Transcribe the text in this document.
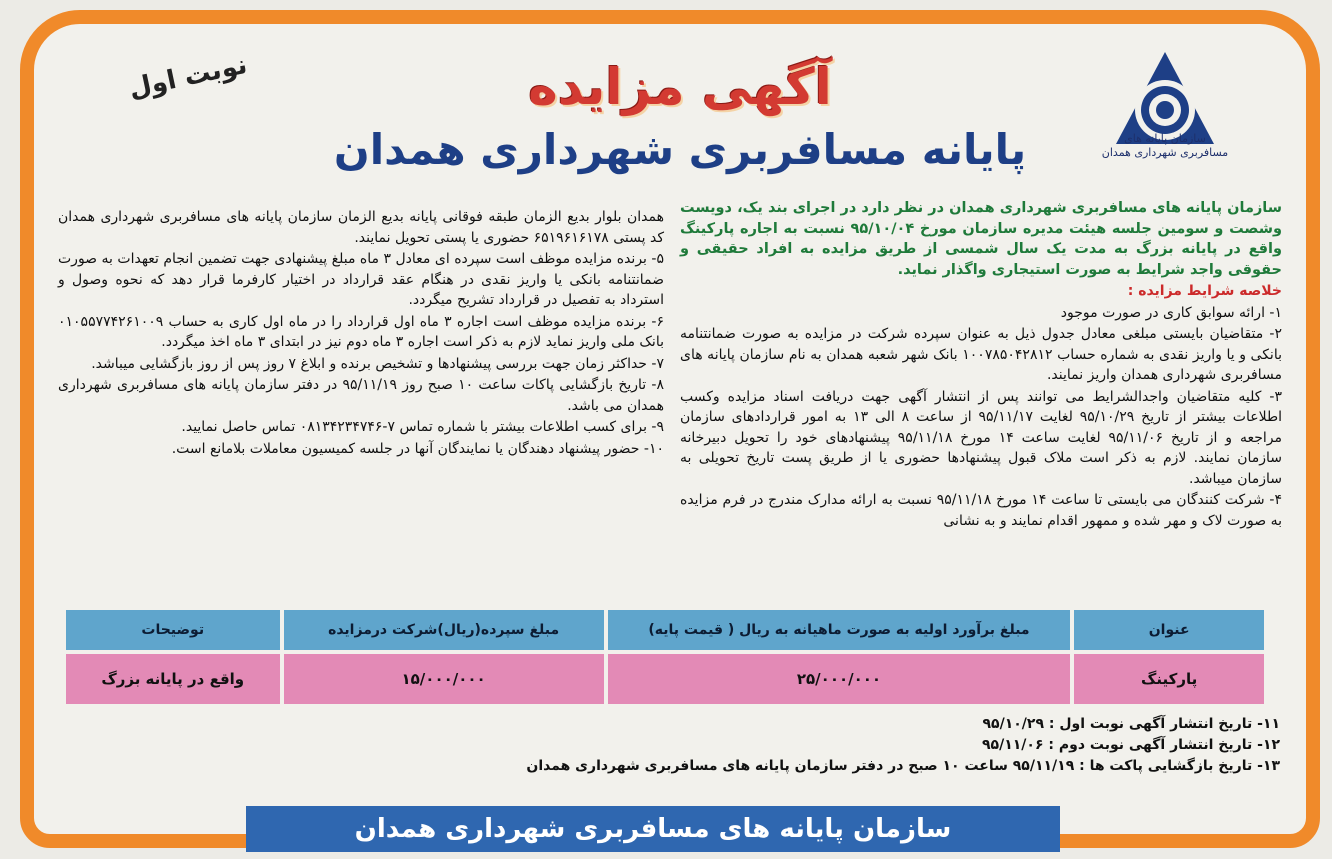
سازمان پایانه های مسافربری شهرداری همدان
نوبت اول	آگهی مزایده
پایانه مسافربری شهرداری همدان

سازمان پایانه های مسافربری شهرداری همدان در نظر دارد در اجرای بند یک، دویست وشصت و سومین جلسه هیئت مدیره سازمان مورخ ۹۵/۱۰/۰۴ نسبت به اجاره پارکینگ واقع در پایانه بزرگ به مدت یک سال شمسی از طریق مزایده به افراد حقیقی و حقوقی واجد شرایط به صورت استیجاری واگذار نماید.

خلاصه شرایط مزایده :

۱- ارائه سوابق کاری در صورت موجود

۲- متقاضیان بایستی مبلغی معادل جدول ذیل به عنوان سپرده شرکت در مزایده به صورت ضمانتنامه بانکی و یا واریز نقدی به شماره حساب ۱۰۰۷۸۵۰۴۲۸۱۲ بانک شهر شعبه همدان به نام سازمان پایانه های مسافربری شهرداری همدان واریز نمایند.

۳- کلیه متقاضیان واجدالشرایط می توانند پس از انتشار آگهی جهت دریافت اسناد مزایده وکسب اطلاعات بیشتر از تاریخ ۹۵/۱۰/۲۹ لغایت ۹۵/۱۱/۱۷ از ساعت ۸ الی ۱۳ به امور قراردادهای سازمان مراجعه و از تاریخ ۹۵/۱۱/۰۶ لغایت ساعت ۱۴ مورخ ۹۵/۱۱/۱۸ پیشنهادهای خود را تحویل دبیرخانه سازمان نمایند. لازم به ذکر است ملاک قبول پیشنهادها حضوری یا از طریق پست تاریخ تحویلی به سازمان میباشد.

۴- شرکت کنندگان می بایستی تا ساعت ۱۴ مورخ ۹۵/۱۱/۱۸ نسبت به ارائه مدارک مندرج در فرم مزایده به صورت لاک و مهر شده و ممهور اقدام نمایند و به نشانی

همدان بلوار بدیع الزمان طبقه فوقانی پایانه بدیع الزمان سازمان پایانه های مسافربری شهرداری همدان کد پستی ۶۵۱۹۶۱۶۱۷۸ حضوری یا پستی تحویل نمایند.

۵- برنده مزایده موظف است سپرده ای معادل ۳ ماه مبلغ پیشنهادی جهت تضمین انجام تعهدات به صورت ضمانتنامه بانکی یا واریز نقدی در هنگام عقد قرارداد در اختیار کارفرما قرار دهد که نحوه وصول و استرداد به تفصیل در قرارداد تشریح میگردد.

۶- برنده مزایده موظف است اجاره ۳ ماه اول قرارداد را در ماه اول کاری به حساب ۰۱۰۵۵۷۷۴۲۶۱۰۰۹ بانک ملی واریز نماید لازم به ذکر است اجاره ۳ ماه دوم نیز در ابتدای ۳ ماه اخذ میگردد.

۷- حداکثر زمان جهت بررسی پیشنهادها و تشخیص برنده و ابلاغ ۷ روز پس از روز بازگشایی میباشد.

۸- تاریخ بازگشایی پاکات ساعت ۱۰ صبح روز ۹۵/۱۱/۱۹ در دفتر سازمان پایانه های مسافربری شهرداری همدان می باشد.

۹- برای کسب اطلاعات بیشتر با شماره تماس ۷-۰۸۱۳۴۲۳۴۷۴۶ تماس حاصل نمایید.

۱۰- حضور پیشنهاد دهندگان یا نمایندگان آنها در جلسه کمیسیون معاملات بلامانع است.

عنوان	مبلغ برآورد اولیه به صورت ماهیانه به ریال ( قیمت پایه)	مبلغ سپرده(ریال)شرکت درمزایده	توضیحات
پارکینگ	۲۵/۰۰۰/۰۰۰	۱۵/۰۰۰/۰۰۰	واقع در پایانه بزرگ
۱۱- تاریخ انتشار آگهی نوبت اول : ۹۵/۱۰/۲۹
۱۲- تاریخ انتشار آگهی نوبت دوم : ۹۵/۱۱/۰۶
۱۳- تاریخ بازگشایی پاکت ها : ۹۵/۱۱/۱۹ ساعت ۱۰ صبح در دفتر سازمان پایانه های مسافربری شهرداری همدان
سازمان پایانه های مسافربری شهرداری همدان
